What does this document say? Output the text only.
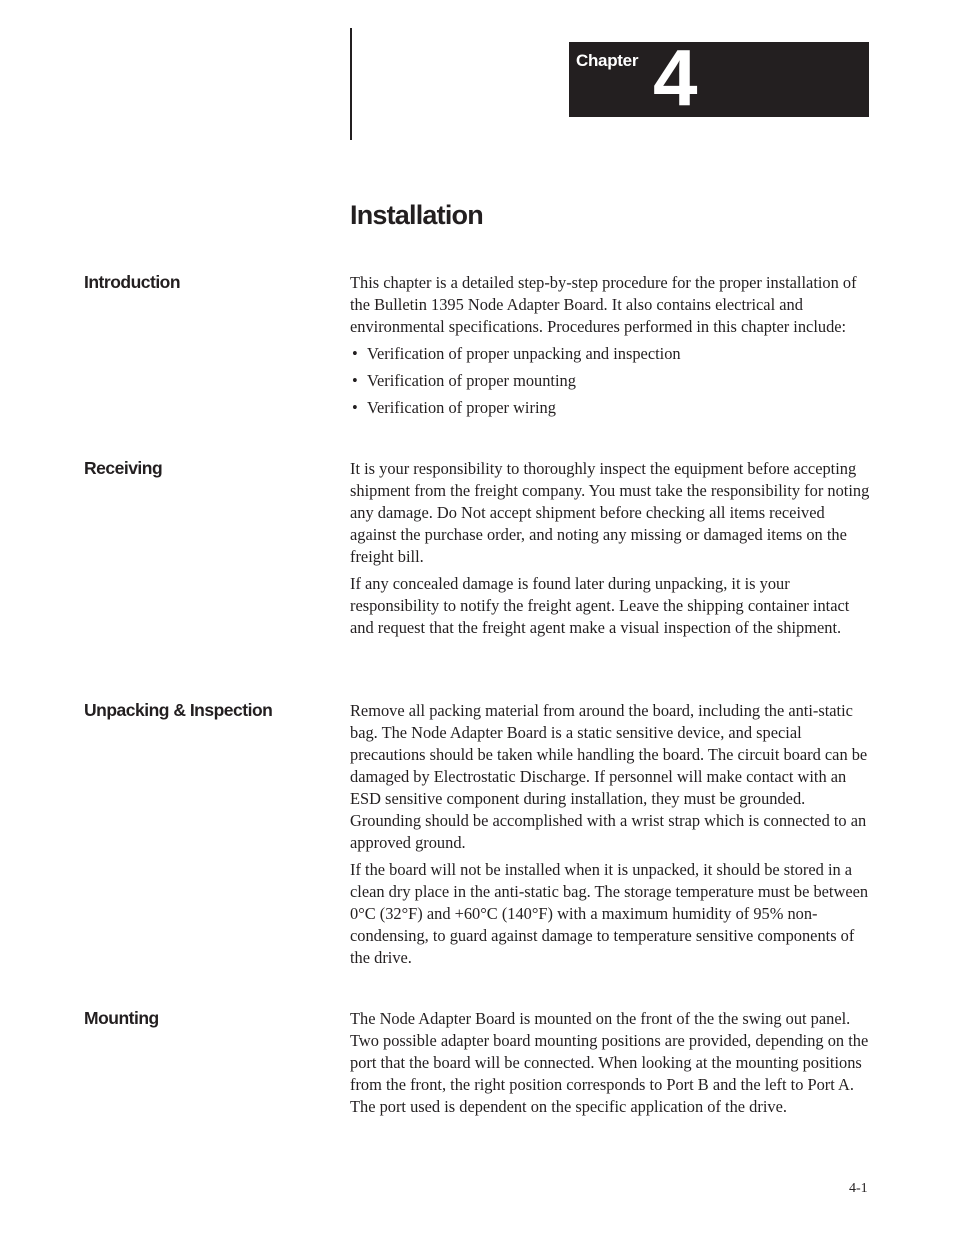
Chapter 4
Installation
Introduction	This chapter is a detailed step-by-step procedure for the proper installation of the Bulletin 1395 Node Adapter Board. It also contains electrical and environmental specifications. Procedures performed in this chapter include:

• Verification of proper unpacking and inspection
• Verification of proper mounting
• Verification of proper wiring
Receiving	It is your responsibility to thoroughly inspect the equipment before accepting shipment from the freight company. You must take the responsibility for noting any damage. Do Not accept shipment before checking all items received against the purchase order, and noting any missing or damaged items on the freight bill.

If any concealed damage is found later during unpacking, it is your responsibility to notify the freight agent. Leave the shipping container intact and request that the freight agent make a visual inspection of the shipment.

Unpacking & Inspection	Remove all packing material from around the board, including the anti-static bag. The Node Adapter Board is a static sensitive device, and special precautions should be taken while handling the board. The circuit board can be damaged by Electrostatic Discharge. If personnel will make contact with an ESD sensitive component during installation, they must be grounded. Grounding should be accomplished with a wrist strap which is connected to an approved ground.

If the board will not be installed when it is unpacked, it should be stored in a clean dry place in the anti-static bag. The storage temperature must be between 0°C (32°F) and +60°C (140°F) with a maximum humidity of 95% non-condensing, to guard against damage to temperature sensitive components of the drive.

Mounting	The Node Adapter Board is mounted on the front of the the swing out panel. Two possible adapter board mounting positions are provided, depending on the port that the board will be connected. When looking at the mounting positions from the front, the right position corresponds to Port B and the left to Port A. The port used is dependent on the specific application of the drive.

4-1
